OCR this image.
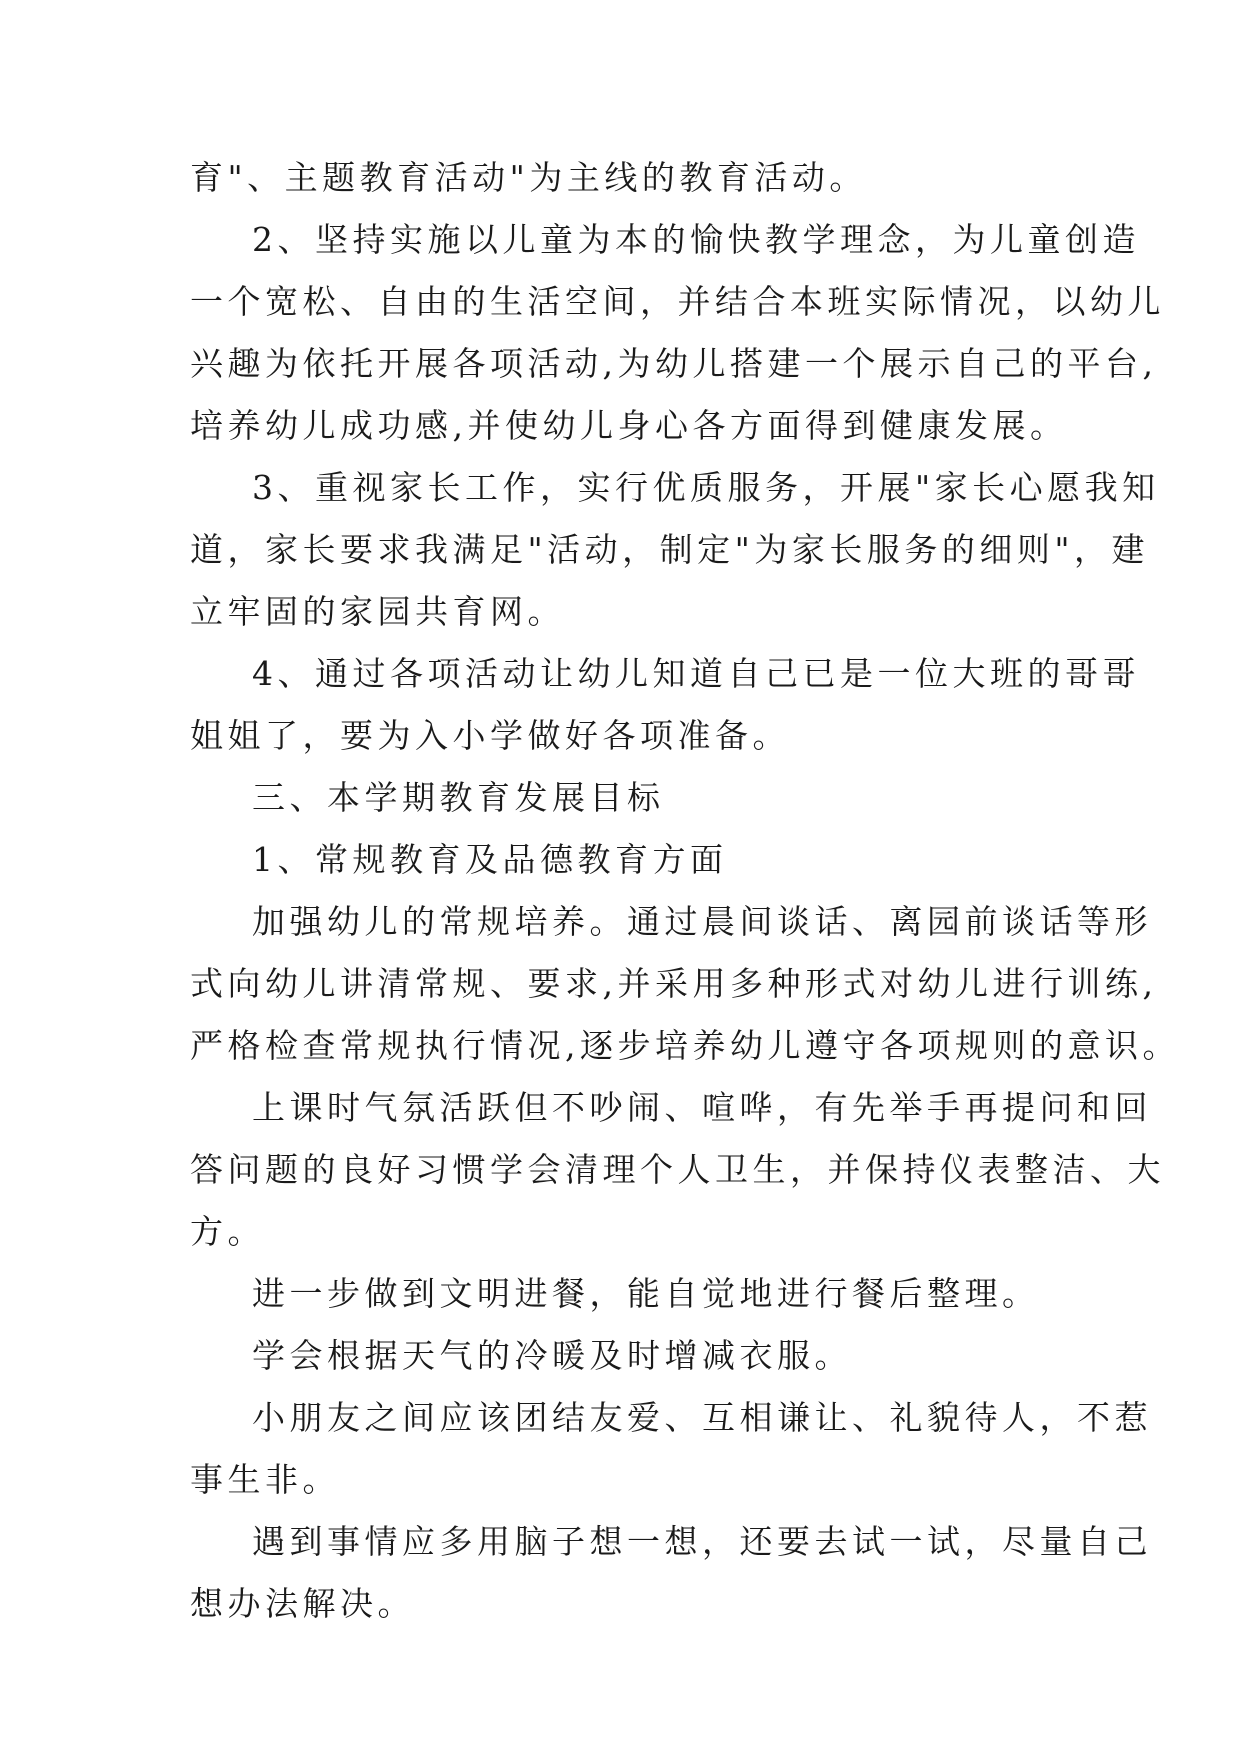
育"、主题教育活动"为主线的教育活动。
2、坚持实施以儿童为本的愉快教学理念，为儿童创造
一个宽松、自由的生活空间，并结合本班实际情况，以幼儿
兴趣为依托开展各项活动,为幼儿搭建一个展示自己的平台,
培养幼儿成功感,并使幼儿身心各方面得到健康发展。
3、重视家长工作，实行优质服务，开展"家长心愿我知
道，家长要求我满足"活动，制定"为家长服务的细则"，建
立牢固的家园共育网。
4、通过各项活动让幼儿知道自己已是一位大班的哥哥
姐姐了，要为入小学做好各项准备。
三、本学期教育发展目标
1、常规教育及品德教育方面
加强幼儿的常规培养。通过晨间谈话、离园前谈话等形
式向幼儿讲清常规、要求,并采用多种形式对幼儿进行训练,
严格检查常规执行情况,逐步培养幼儿遵守各项规则的意识。
上课时气氛活跃但不吵闹、喧哗，有先举手再提问和回
答问题的良好习惯学会清理个人卫生，并保持仪表整洁、大
方。
进一步做到文明进餐，能自觉地进行餐后整理。
学会根据天气的冷暖及时增减衣服。
小朋友之间应该团结友爱、互相谦让、礼貌待人，不惹
事生非。
遇到事情应多用脑子想一想，还要去试一试，尽量自己
想办法解决。
